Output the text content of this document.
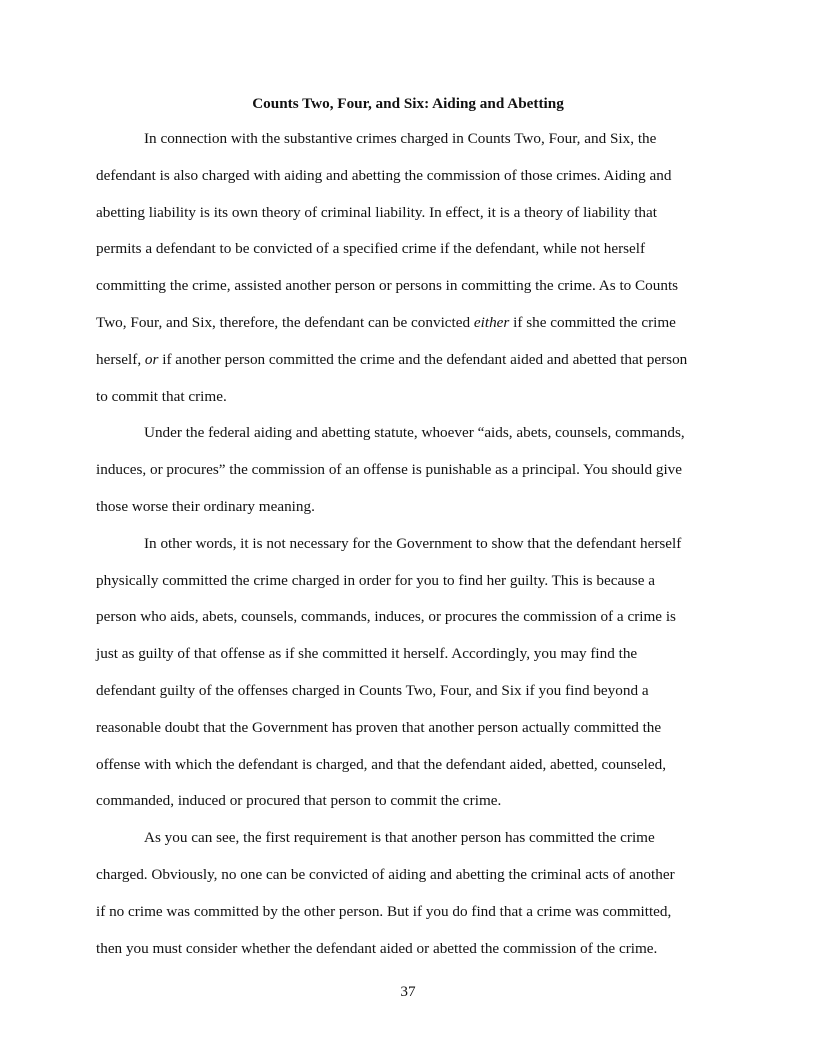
Counts Two, Four, and Six: Aiding and Abetting

In connection with the substantive crimes charged in Counts Two, Four, and Six, the
defendant is also charged with aiding and abetting the commission of those crimes. Aiding and
abetting liability is its own theory of criminal liability. In effect, it is a theory of liability that
permits a defendant to be convicted of a specified crime if the defendant, while not herself
committing the crime, assisted another person or persons in committing the crime. As to Counts
Two, Four, and Six, therefore, the defendant can be convicted either if she committed the crime
herself, or if another person committed the crime and the defendant aided and abetted that person
to commit that crime.

Under the federal aiding and abetting statute, whoever “aids, abets, counsels, commands,
induces, or procures” the commission of an offense is punishable as a principal. You should give
those worse their ordinary meaning.

In other words, it is not necessary for the Government to show that the defendant herself
physically committed the crime charged in order for you to find her guilty. This is because a
person who aids, abets, counsels, commands, induces, or procures the commission of a crime is
just as guilty of that offense as if she committed it herself. Accordingly, you may find the
defendant guilty of the offenses charged in Counts Two, Four, and Six if you find beyond a
reasonable doubt that the Government has proven that another person actually committed the
offense with which the defendant is charged, and that the defendant aided, abetted, counseled,
commanded, induced or procured that person to commit the crime.

As you can see, the first requirement is that another person has committed the crime
charged. Obviously, no one can be convicted of aiding and abetting the criminal acts of another
if no crime was committed by the other person. But if you do find that a crime was committed,
then you must consider whether the defendant aided or abetted the commission of the crime.

37
